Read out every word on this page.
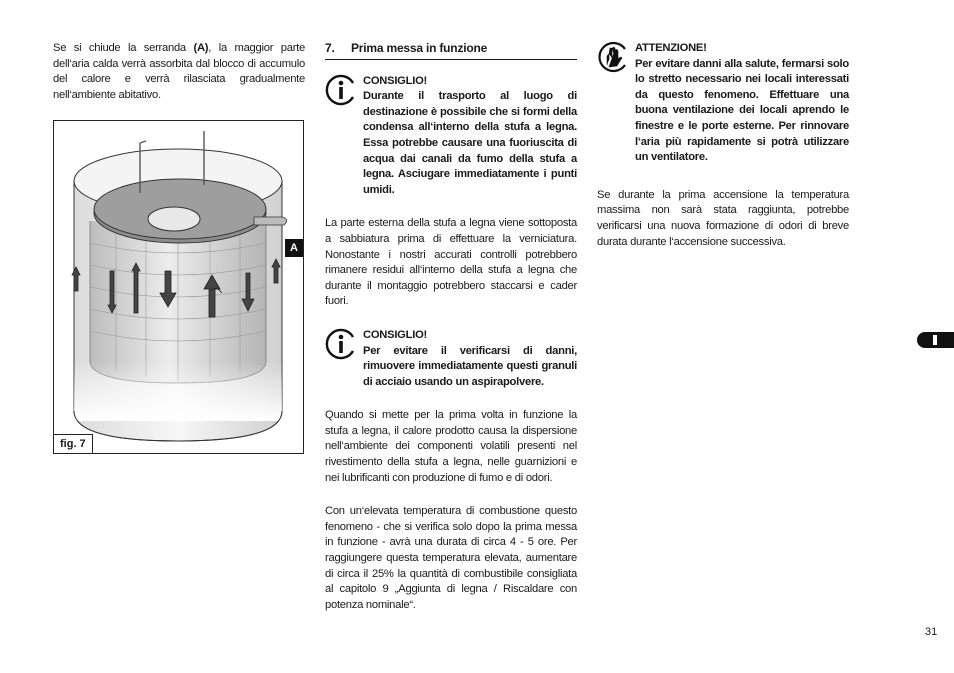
Se si chiude la serranda (A), la maggior parte dell‘aria calda verrà assorbita dal blocco di accumulo del calore e verrà rilasciata gradualmente nell‘ambiente abitativo.

A
fig. 7
7. Prima messa in funzione
CONSIGLIO!
Durante il trasporto al luogo di destinazione è possibile che si formi della condensa all‘interno della stufa a legna. Essa potrebbe causare una fuoriuscita di acqua dai canali da fumo della stufa a legna. Asciugare immediatamente i punti umidi.

La parte esterna della stufa a legna viene sottoposta a sabbiatura prima di effettuare la verniciatura. Nonostante i nostri accurati controlli potrebbero rimanere residui all‘interno della stufa a legna che durante il montaggio potrebbero staccarsi e cader fuori.

CONSIGLIO!
Per evitare il verificarsi di danni, rimuovere immediatamente questi granuli di acciaio usando un aspirapolvere.

Quando si mette per la prima volta in funzione la stufa a legna, il calore prodotto causa la dispersione nell‘ambiente dei componenti volatili presenti nel rivestimento della stufa a legna, nelle guarnizioni e nei lubrificanti con produzione di fumo e di odori.

Con un‘elevata temperatura di combustione questo fenomeno - che si verifica solo dopo la prima messa in funzione - avrà una durata di circa 4 - 5 ore. Per raggiungere questa temperatura elevata, aumentare di circa il 25% la quantità di combustibile consigliata al capitolo 9 „Aggiunta di legna / Riscaldare con potenza nominale“.

ATTENZIONE!
Per evitare danni alla salute, fermarsi solo lo stretto necessario nei locali interessati da questo fenomeno. Effettuare una buona ventilazione dei locali aprendo le finestre e le porte esterne. Per rinnovare l‘aria più rapidamente si potrà utilizzare un ventilatore.

Se durante la prima accensione la temperatura massima non sarà stata raggiunta, potrebbe verificarsi una nuova formazione di odori di breve durata durante l‘accensione successiva.

31
